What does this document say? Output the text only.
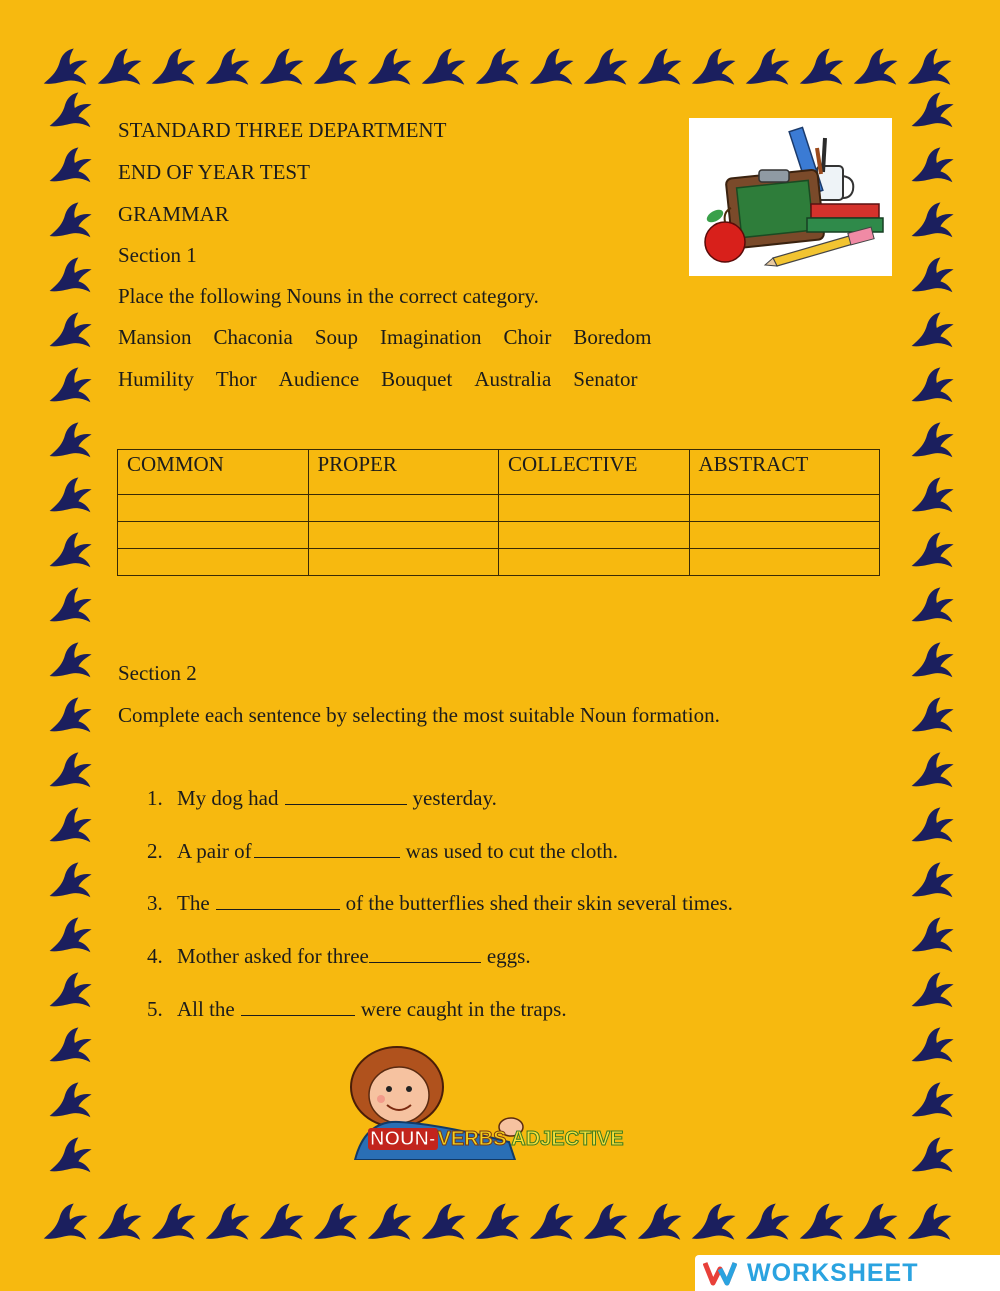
STANDARD THREE DEPARTMENT
END OF YEAR TEST
GRAMMAR
Section 1
Place the following Nouns in the correct category.
Mansion Chaconia Soup Imagination Choir Boredom
Humility Thor Audience Bouquet Australia Senator
COMMON	PROPER	COLLECTIVE	ABSTRACT

Section 2
Complete each sentence by selecting the most suitable Noun formation.
1. My dog had	yesterday.
2. A pair of	was used to cut the cloth.
3. The	of the butterflies shed their skin several times.
4. Mother asked for three	eggs.
5. All the	were caught in the traps.
NOUN- VERBS ADJECTIVE
WORKSHEET
